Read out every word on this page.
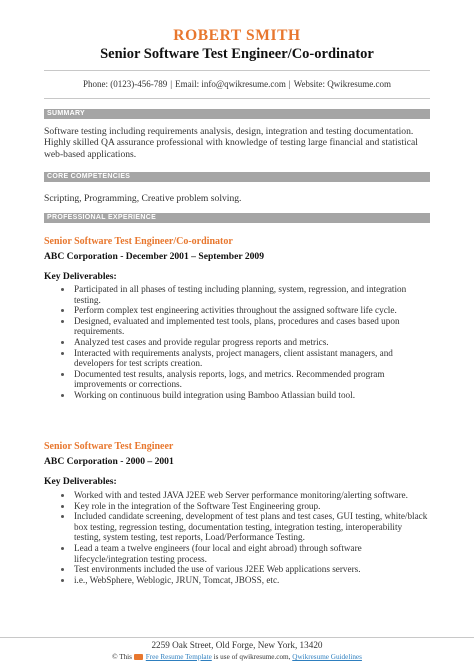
ROBERT SMITH
Senior Software Test Engineer/Co-ordinator
Phone: (0123)-456-789 | Email: info@qwikresume.com | Website: Qwikresume.com
SUMMARY
Software testing including requirements analysis, design, integration and testing documentation. Highly skilled QA assurance professional with knowledge of testing large financial and statistical web-based applications.
CORE COMPETENCIES
Scripting, Programming, Creative problem solving.
PROFESSIONAL EXPERIENCE
Senior Software Test Engineer/Co-ordinator
ABC Corporation - December 2001 – September 2009
Key Deliverables:
Participated in all phases of testing including planning, system, regression, and integration testing.
Perform complex test engineering activities throughout the assigned software life cycle.
Designed, evaluated and implemented test tools, plans, procedures and cases based upon requirements.
Analyzed test cases and provide regular progress reports and metrics.
Interacted with requirements analysts, project managers, client assistant managers, and developers for test scripts creation.
Documented test results, analysis reports, logs, and metrics. Recommended program improvements or corrections.
Working on continuous build integration using Bamboo Atlassian build tool.
Senior Software Test Engineer
ABC Corporation - 2000 – 2001
Key Deliverables:
Worked with and tested JAVA J2EE web Server performance monitoring/alerting software.
Key role in the integration of the Software Test Engineering group.
Included candidate screening, development of test plans and test cases, GUI testing, white/black box testing, regression testing, documentation testing, integration testing, interoperability testing, system testing, test reports, Load/Performance Testing.
Lead a team a twelve engineers (four local and eight abroad) through software lifecycle/integration testing process.
Test environments included the use of various J2EE Web applications servers.
i.e., WebSphere, Weblogic, JRUN, Tomcat, JBOSS, etc.
2259 Oak Street, Old Forge, New York, 13420
© This Free Resume Template is use of qwikresume.com, Qwikresume Guidelines
